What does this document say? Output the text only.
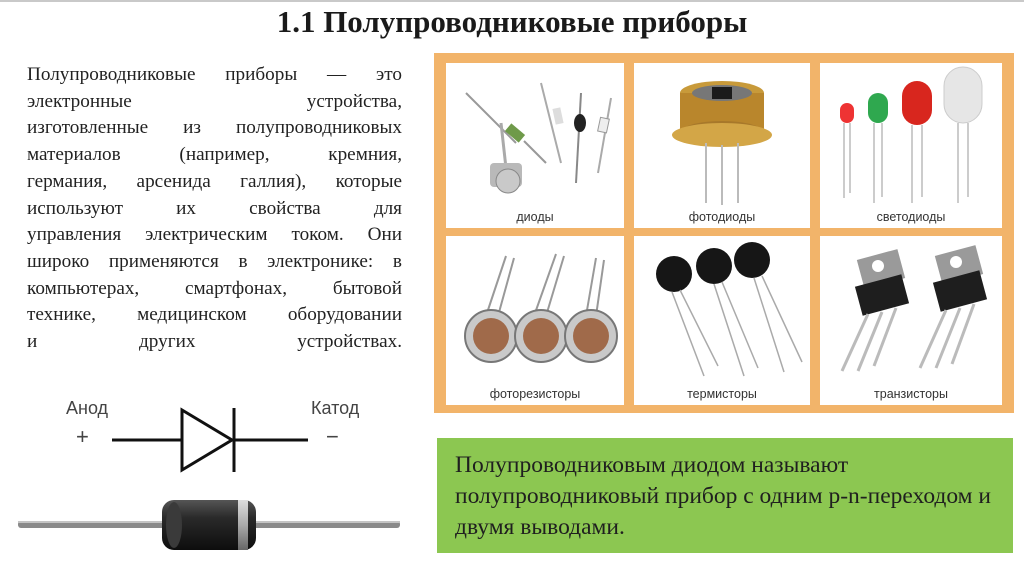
1.1 Полупроводниковые приборы
Полупроводниковые приборы — это
электронные устройства,
изготовленные из полупроводниковых
материалов (например, кремния,
германия, арсенида галлия), которые
используют их свойства для
управления электрическим током. Они
широко применяются в электронике: в
компьютерах, смартфонах, бытовой
технике, медицинском оборудовании
и других устройствах.
Анод	Катод
+	−
диоды	фотодиоды	светодиоды
фоторезисторы	термисторы	транзисторы

Полупроводниковым диодом называют полупроводниковый прибор с одним p-n-переходом и двумя выводами.
